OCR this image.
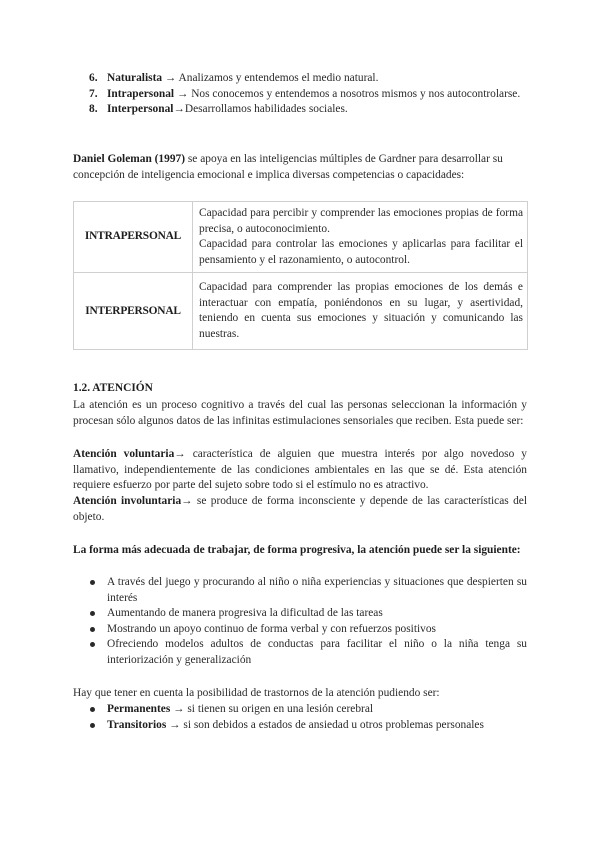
6. Naturalista → Analizamos y entendemos el medio natural.
7. Intrapersonal → Nos conocemos y entendemos a nosotros mismos y nos autocontrolarse.
8. Interpersonal→Desarrollamos habilidades sociales.
Daniel Goleman (1997) se apoya en las inteligencias múltiples de Gardner para desarrollar su concepción de inteligencia emocional e implica diversas competencias o capacidades:
INTRAPERSONAL	Capacidad para percibir y comprender las emociones propias de forma precisa, o autoconocimiento.
Capacidad para controlar las emociones y aplicarlas para facilitar el pensamiento y el razonamiento, o autocontrol.

INTERPERSONAL	Capacidad para comprender las propias emociones de los demás e interactuar con empatía, poniéndonos en su lugar, y asertividad, teniendo en cuenta sus emociones y situación y comunicando las nuestras.
1.2. ATENCIÓN
La atención es un proceso cognitivo a través del cual las personas seleccionan la información y procesan sólo algunos datos de las infinitas estimulaciones sensoriales que reciben. Esta puede ser:
Atención voluntaria→ característica de alguien que muestra interés por algo novedoso y llamativo, independientemente de las condiciones ambientales en las que se dé. Esta atención requiere esfuerzo por parte del sujeto sobre todo si el estímulo no es atractivo.
Atención involuntaria→ se produce de forma inconsciente y depende de las características del objeto.
La forma más adecuada de trabajar, de forma progresiva, la atención puede ser la siguiente:
A través del juego y procurando al niño o niña experiencias y situaciones que despierten su interés
Aumentando de manera progresiva la dificultad de las tareas
Mostrando un apoyo continuo de forma verbal y con refuerzos positivos
Ofreciendo modelos adultos de conductas para facilitar el niño o la niña tenga su interiorización y generalización
Hay que tener en cuenta la posibilidad de trastornos de la atención pudiendo ser:
Permanentes → si tienen su origen en una lesión cerebral
Transitorios → si son debidos a estados de ansiedad u otros problemas personales
